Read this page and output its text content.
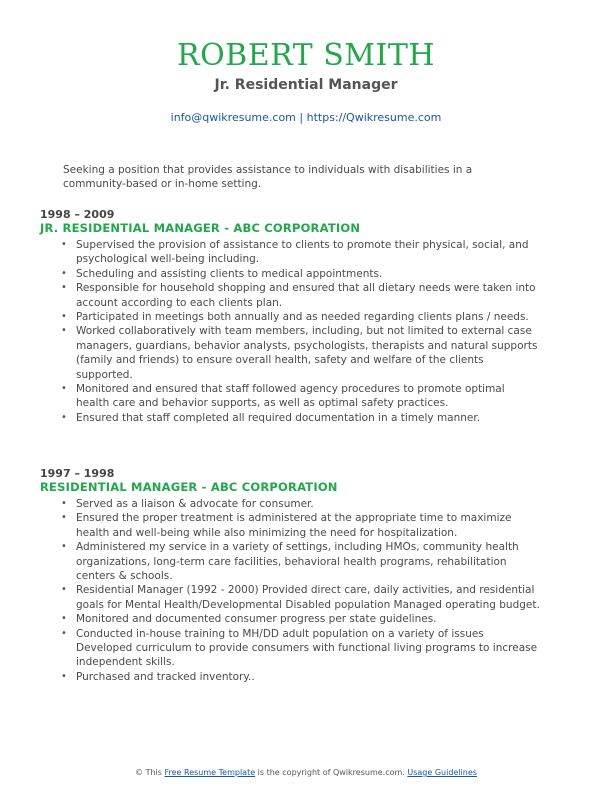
ROBERT SMITH
Jr. Residential Manager
info@qwikresume.com | https://Qwikresume.com
Seeking a position that provides assistance to individuals with disabilities in a community-based or in-home setting.
1998 – 2009
JR. RESIDENTIAL MANAGER - ABC CORPORATION
• Supervised the provision of assistance to clients to promote their physical, social, and psychological well-being including.
• Scheduling and assisting clients to medical appointments.
• Responsible for household shopping and ensured that all dietary needs were taken into account according to each clients plan.
• Participated in meetings both annually and as needed regarding clients plans / needs.
• Worked collaboratively with team members, including, but not limited to external case managers, guardians, behavior analysts, psychologists, therapists and natural supports (family and friends) to ensure overall health, safety and welfare of the clients supported.
• Monitored and ensured that staff followed agency procedures to promote optimal health care and behavior supports, as well as optimal safety practices.
• Ensured that staff completed all required documentation in a timely manner.
1997 – 1998
RESIDENTIAL MANAGER - ABC CORPORATION
• Served as a liaison & advocate for consumer.
• Ensured the proper treatment is administered at the appropriate time to maximize health and well-being while also minimizing the need for hospitalization.
• Administered my service in a variety of settings, including HMOs, community health organizations, long-term care facilities, behavioral health programs, rehabilitation centers & schools.
• Residential Manager (1992 - 2000) Provided direct care, daily activities, and residential goals for Mental Health/Developmental Disabled population Managed operating budget.
• Monitored and documented consumer progress per state guidelines.
• Conducted in-house training to MH/DD adult population on a variety of issues Developed curriculum to provide consumers with functional living programs to increase independent skills.
• Purchased and tracked inventory..
© This Free Resume Template is the copyright of Qwikresume.com. Usage Guidelines
